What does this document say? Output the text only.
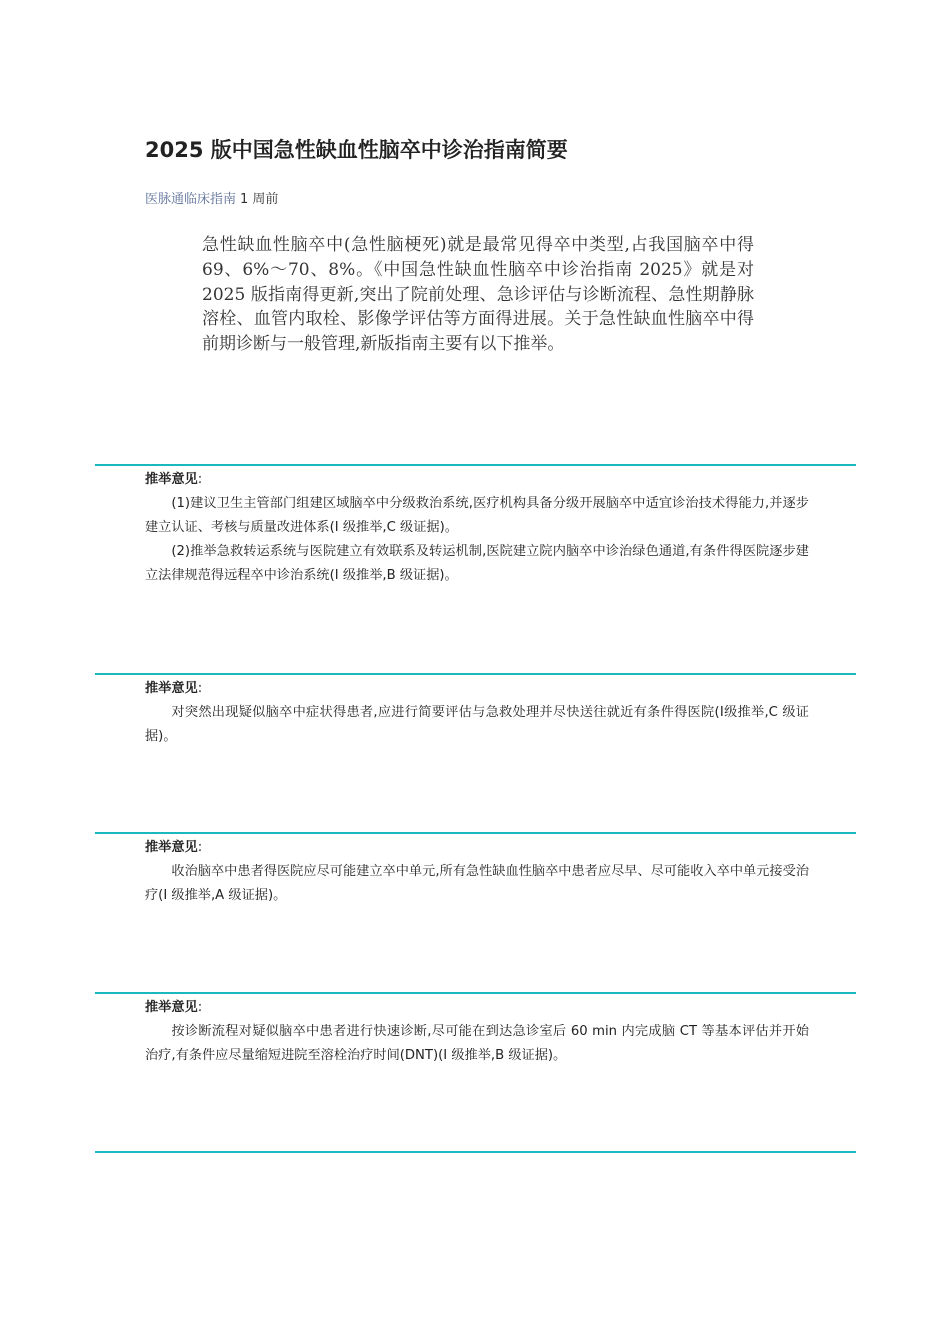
2025 版中国急性缺血性脑卒中诊治指南简要
医脉通临床指南 1 周前

急性缺血性脑卒中(急性脑梗死)就是最常见得卒中类型,占我国脑卒中得 69、6%～70、8%。《中国急性缺血性脑卒中诊治指南 2025》就是对 2025 版指南得更新,突出了院前处理、急诊评估与诊断流程、急性期静脉溶栓、血管内取栓、影像学评估等方面得进展。关于急性缺血性脑卒中得前期诊断与一般管理,新版指南主要有以下推举。

推举意见:

(1)建议卫生主管部门组建区域脑卒中分级救治系统,医疗机构具备分级开展脑卒中适宜诊治技术得能力,并逐步建立认证、考核与质量改进体系(Ⅰ 级推举,C 级证据)。

(2)推举急救转运系统与医院建立有效联系及转运机制,医院建立院内脑卒中诊治绿色通道,有条件得医院逐步建立法律规范得远程卒中诊治系统(Ⅰ 级推举,B 级证据)。

推举意见:

对突然出现疑似脑卒中症状得患者,应进行简要评估与急救处理并尽快送往就近有条件得医院(Ⅰ级推举,C 级证据)。

推举意见:

收治脑卒中患者得医院应尽可能建立卒中单元,所有急性缺血性脑卒中患者应尽早、尽可能收入卒中单元接受治疗(Ⅰ 级推举,A 级证据)。

推举意见:

按诊断流程对疑似脑卒中患者进行快速诊断,尽可能在到达急诊室后 60 min 内完成脑 CT 等基本评估并开始治疗,有条件应尽量缩短进院至溶栓治疗时间(DNT)(Ⅰ 级推举,B 级证据)。
